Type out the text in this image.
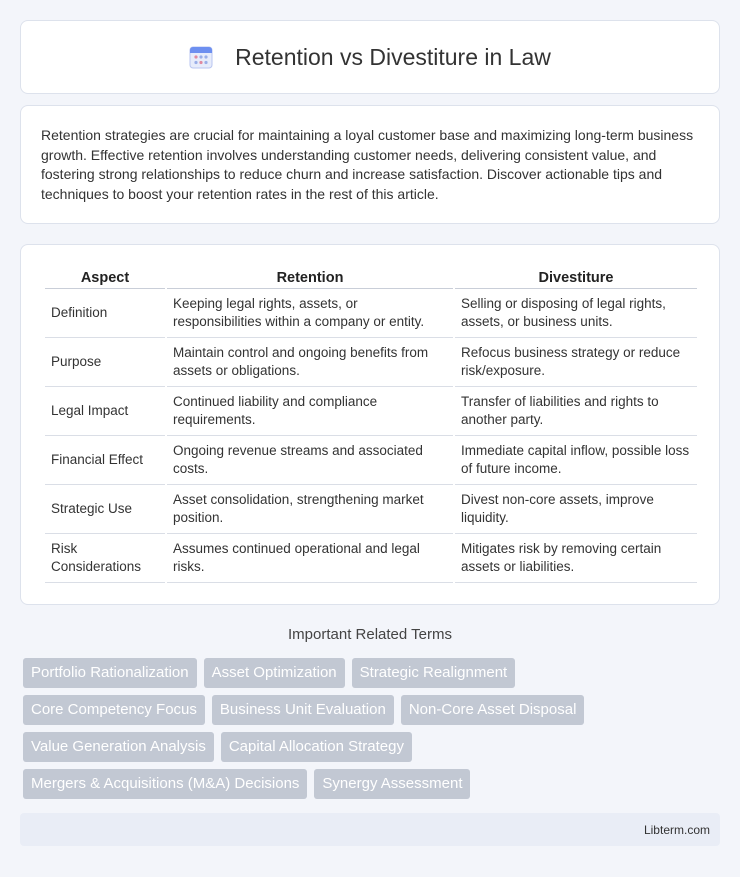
Retention vs Divestiture in Law

Retention strategies are crucial for maintaining a loyal customer base and maximizing long-term business growth. Effective retention involves understanding customer needs, delivering consistent value, and fostering strong relationships to reduce churn and increase satisfaction. Discover actionable tips and techniques to boost your retention rates in the rest of this article.

Aspect	Retention	Divestiture
Definition	Keeping legal rights, assets, or responsibilities within a company or entity.	Selling or disposing of legal rights, assets, or business units.
Purpose	Maintain control and ongoing benefits from assets or obligations.	Refocus business strategy or reduce risk/exposure.
Legal Impact	Continued liability and compliance requirements.	Transfer of liabilities and rights to another party.
Financial Effect	Ongoing revenue streams and associated costs.	Immediate capital inflow, possible loss of future income.
Strategic Use	Asset consolidation, strengthening market position.	Divest non-core assets, improve liquidity.
Risk Considerations	Assumes continued operational and legal risks.	Mitigates risk by removing certain assets or liabilities.
Important Related Terms
Portfolio Rationalization	Asset Optimization	Strategic Realignment
Core Competency Focus	Business Unit Evaluation	Non-Core Asset Disposal
Value Generation Analysis	Capital Allocation Strategy
Mergers & Acquisitions (M&A) Decisions	Synergy Assessment
Libterm.com
